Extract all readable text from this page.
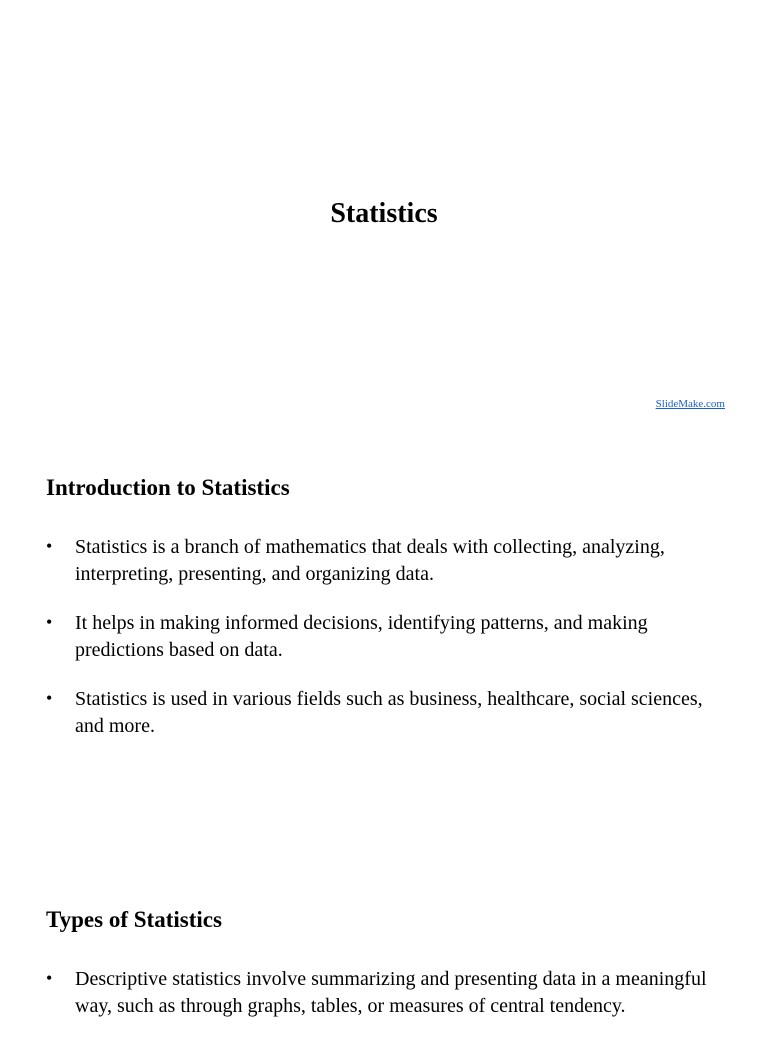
Statistics
SlideMake.com
Introduction to Statistics
• Statistics is a branch of mathematics that deals with collecting, analyzing, interpreting, presenting, and organizing data.
• It helps in making informed decisions, identifying patterns, and making predictions based on data.
• Statistics is used in various fields such as business, healthcare, social sciences, and more.
Types of Statistics
• Descriptive statistics involve summarizing and presenting data in a meaningful way, such as through graphs, tables, or measures of central tendency.
